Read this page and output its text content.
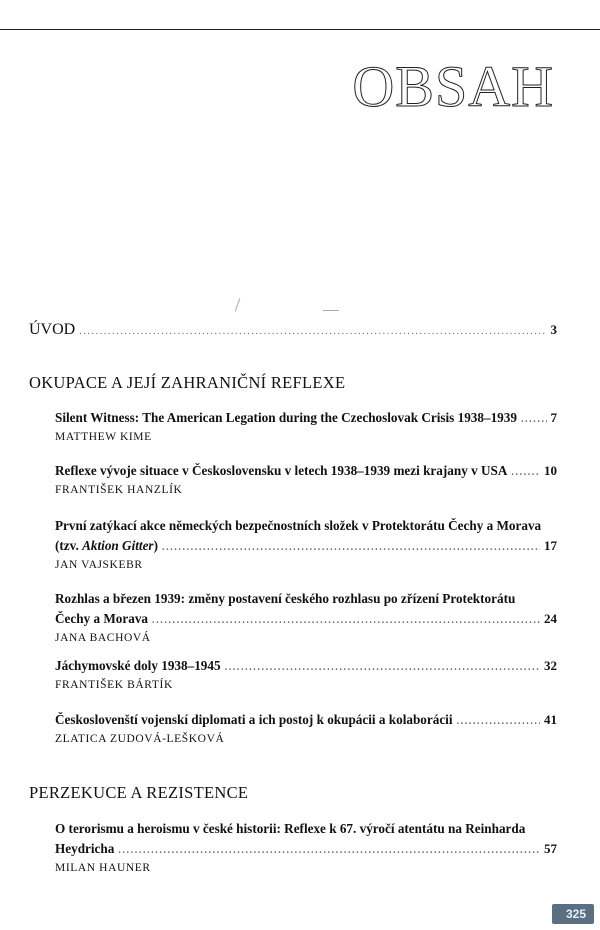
OBSAH
ÚVOD .....	3
OKUPACE A JEJÍ ZAHRANIČNÍ REFLEXE
Silent Witness: The American Legation during the Czechoslovak Crisis 1938–1939 .....	7
MATTHEW KIME
Reflexe vývoje situace v Československu v letech 1938–1939 mezi krajany v USA .....	10
FRANTIŠEK HANZLÍK
První zatýkací akce německých bezpečnostních složek v Protektorátu Čechy a Morava
(tzv. Aktion Gitter) .....	17
JAN VAJSKEBR
Rozhlas a březen 1939: změny postavení českého rozhlasu po zřízení Protektorátu
Čechy a Morava .....	24
JANA BACHOVÁ
Jáchymovské doly 1938–1945 .....	32
FRANTIŠEK BÁRTÍK
Českoslovenští vojenskí diplomati a ich postoj k okupácii a kolaborácii .....	41
ZLATICA ZUDOVÁ-LEŠKOVÁ
PERZEKUCE A REZISTENCE
O terorismu a heroismu v české historii: Reflexe k 67. výročí atentátu na Reinharda
Heydricha .....	57
MILAN HAUNER
325
